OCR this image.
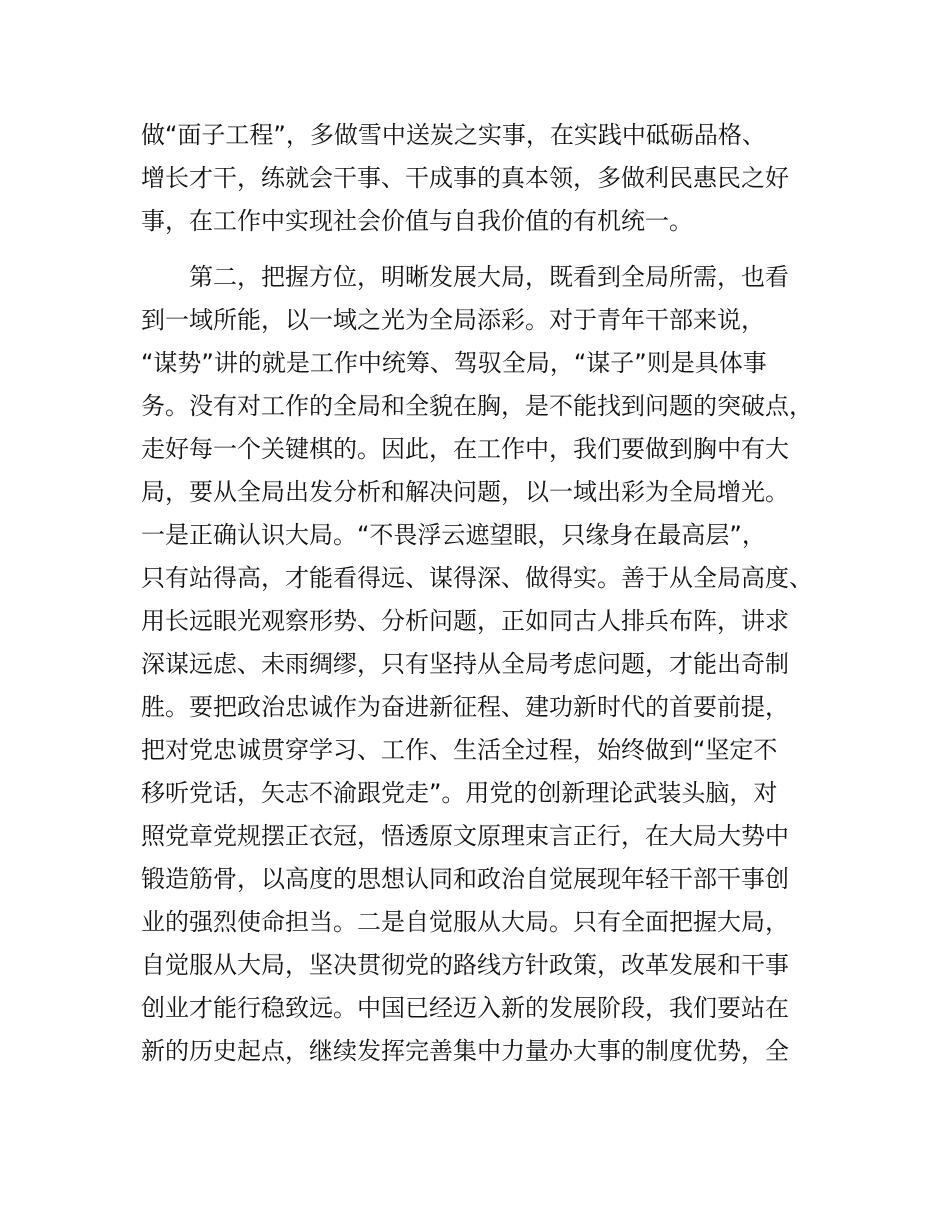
做“面子工程”，多做雪中送炭之实事，在实践中砥砺品格、
增长才干，练就会干事、干成事的真本领，多做利民惠民之好
事，在工作中实现社会价值与自我价值的有机统一。
　　第二，把握方位，明晰发展大局，既看到全局所需，也看
到一域所能，以一域之光为全局添彩。对于青年干部来说，
“谋势”讲的就是工作中统筹、驾驭全局，“谋子”则是具体事
务。没有对工作的全局和全貌在胸，是不能找到问题的突破点，
走好每一个关键棋的。因此，在工作中，我们要做到胸中有大
局，要从全局出发分析和解决问题，以一域出彩为全局增光。
一是正确认识大局。“不畏浮云遮望眼，只缘身在最高层”，
只有站得高，才能看得远、谋得深、做得实。善于从全局高度、
用长远眼光观察形势、分析问题，正如同古人排兵布阵，讲求
深谋远虑、未雨绸缪，只有坚持从全局考虑问题，才能出奇制
胜。要把政治忠诚作为奋进新征程、建功新时代的首要前提，
把对党忠诚贯穿学习、工作、生活全过程，始终做到“坚定不
移听党话，矢志不渝跟党走”。用党的创新理论武装头脑，对
照党章党规摆正衣冠，悟透原文原理束言正行，在大局大势中
锻造筋骨，以高度的思想认同和政治自觉展现年轻干部干事创
业的强烈使命担当。二是自觉服从大局。只有全面把握大局，
自觉服从大局，坚决贯彻党的路线方针政策，改革发展和干事
创业才能行稳致远。中国已经迈入新的发展阶段，我们要站在
新的历史起点，继续发挥完善集中力量办大事的制度优势，全
